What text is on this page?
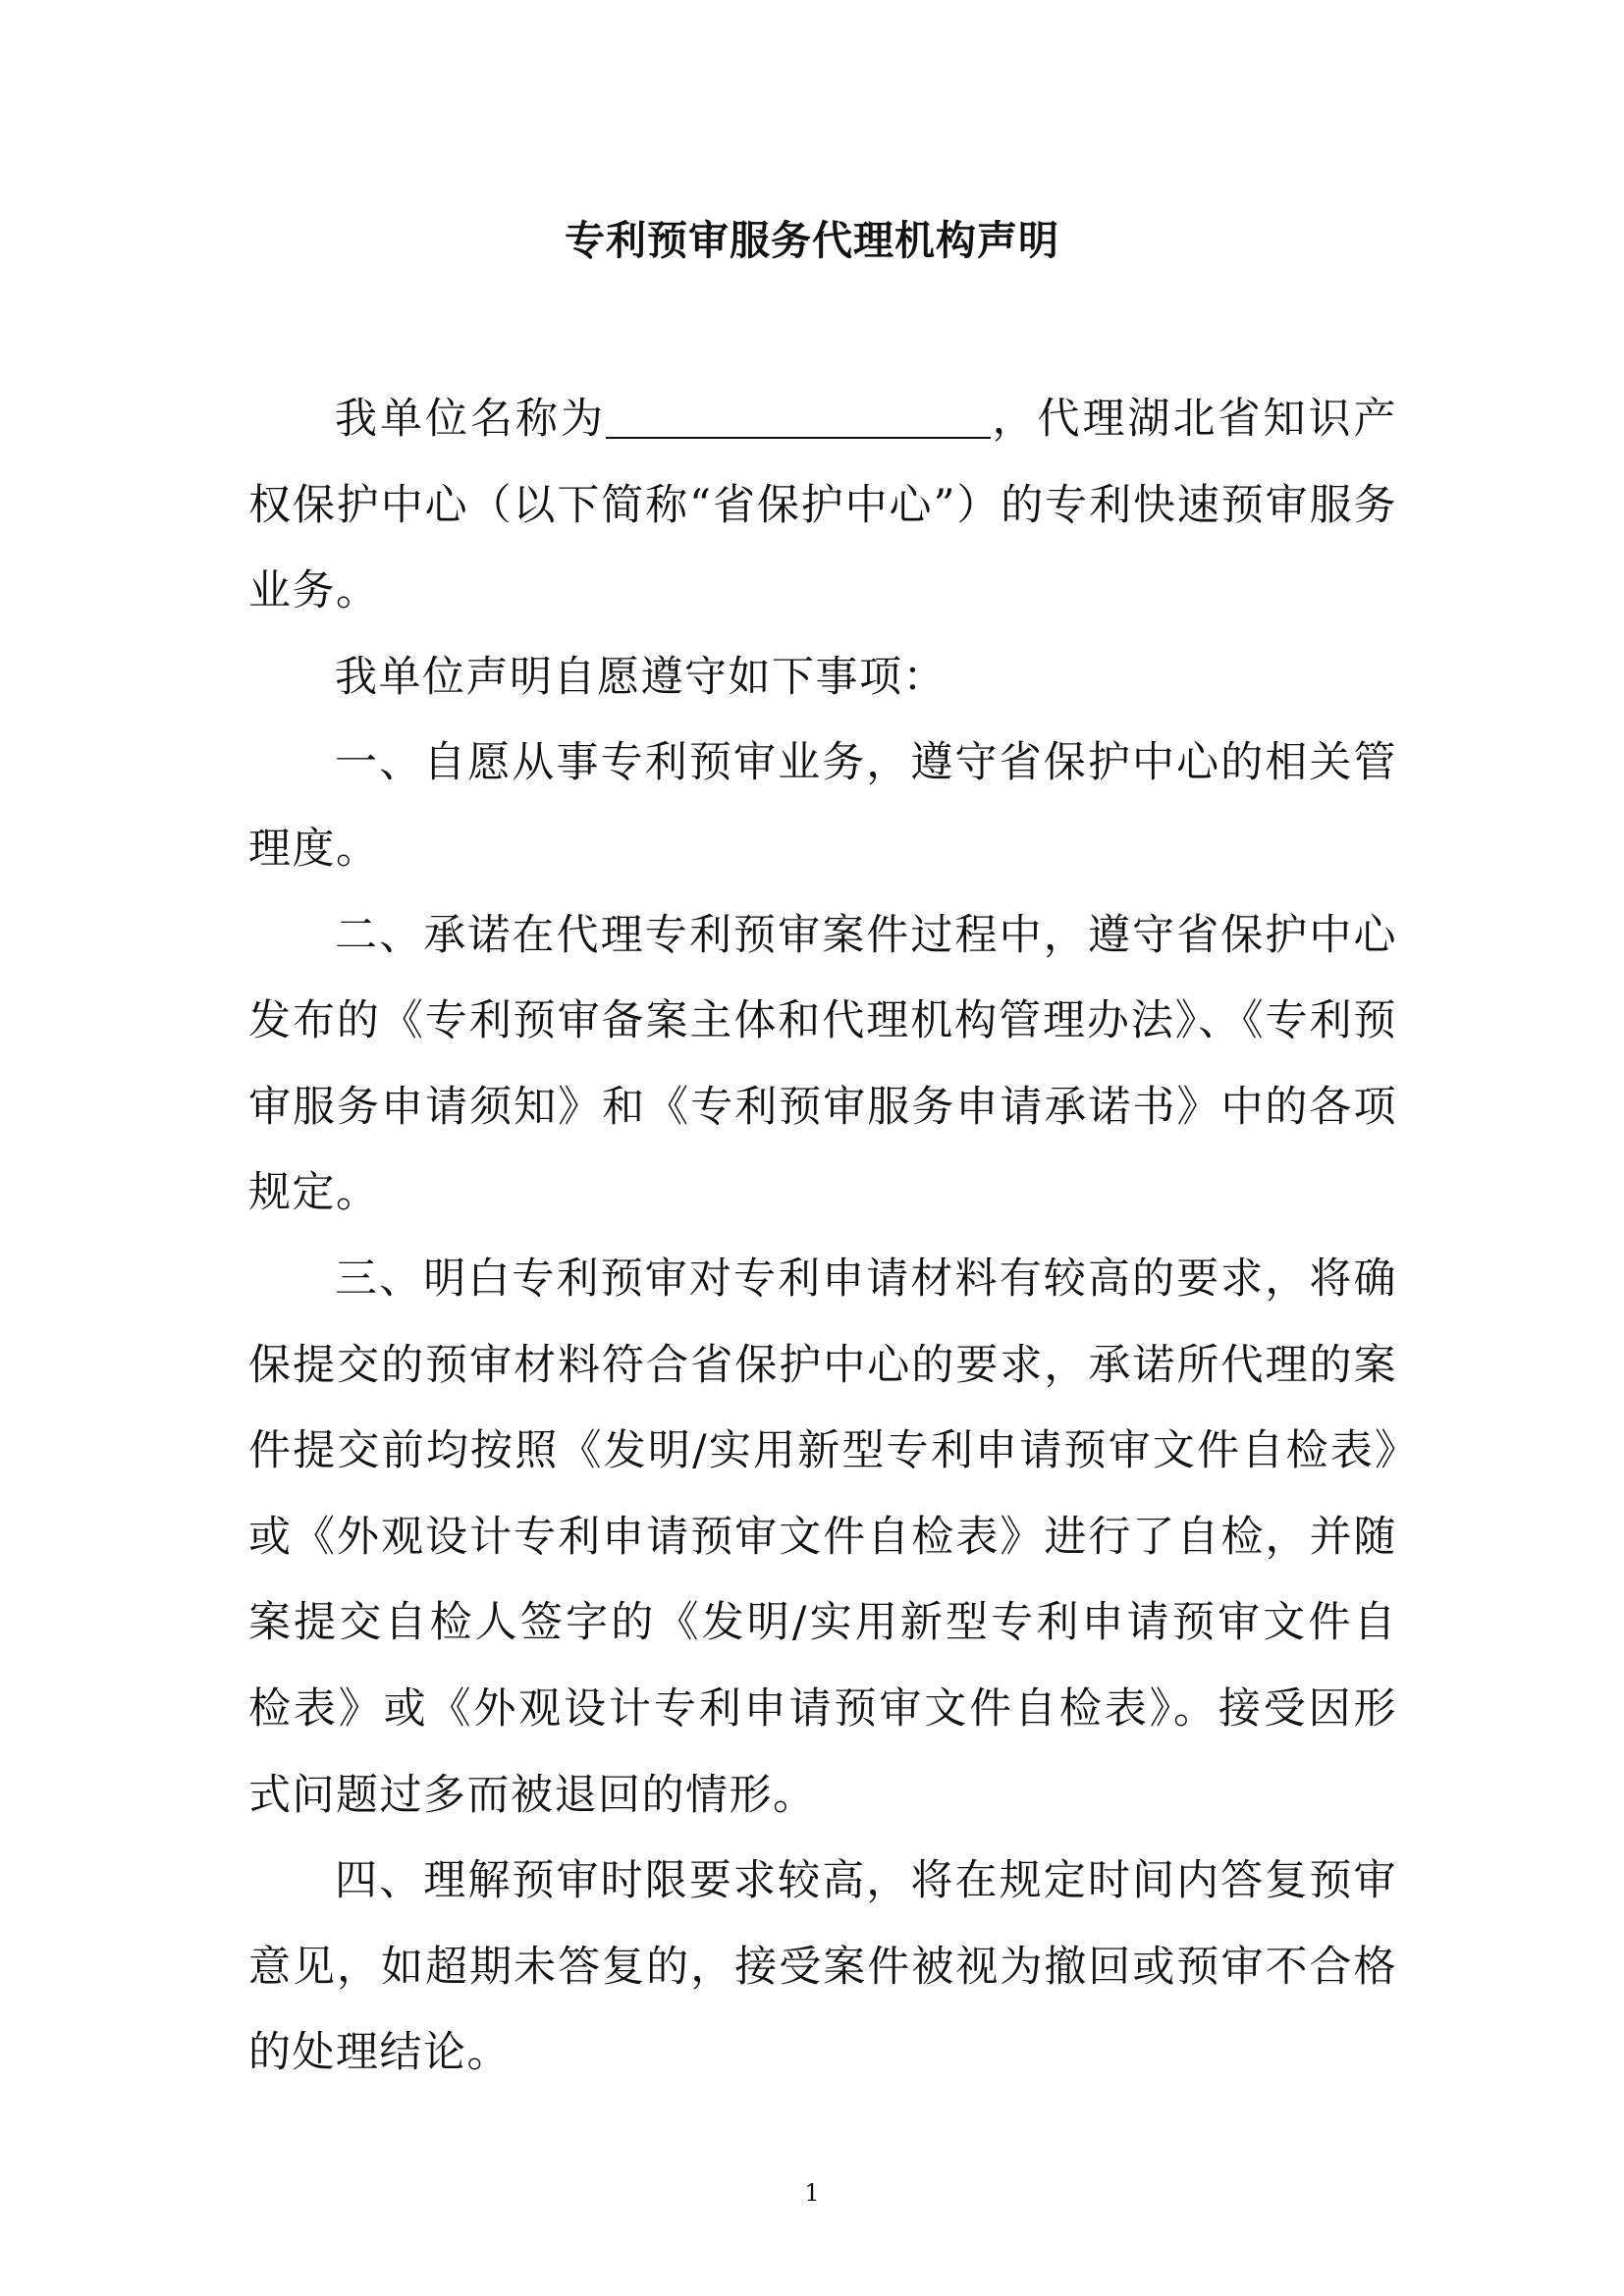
专利预审服务代理机构声明

我单位名称为	，代理湖北省知识产权保护中心（以下简称“省保护中心”）的专利快速预审服务业务。

我单位声明自愿遵守如下事项：

一、自愿从事专利预审业务，遵守省保护中心的相关管理度。

二、承诺在代理专利预审案件过程中，遵守省保护中心发布的《专利预审备案主体和代理机构管理办法》、《专利预审服务申请须知》和《专利预审服务申请承诺书》中的各项规定。

三、明白专利预审对专利申请材料有较高的要求，将确保提交的预审材料符合省保护中心的要求，承诺所代理的案件提交前均按照《发明/实用新型专利申请预审文件自检表》或《外观设计专利申请预审文件自检表》进行了自检，并随案提交自检人签字的《发明/实用新型专利申请预审文件自检表》或《外观设计专利申请预审文件自检表》。接受因形式问题过多而被退回的情形。

四、理解预审时限要求较高，将在规定时间内答复预审意见，如超期未答复的，接受案件被视为撤回或预审不合格的处理结论。

1
